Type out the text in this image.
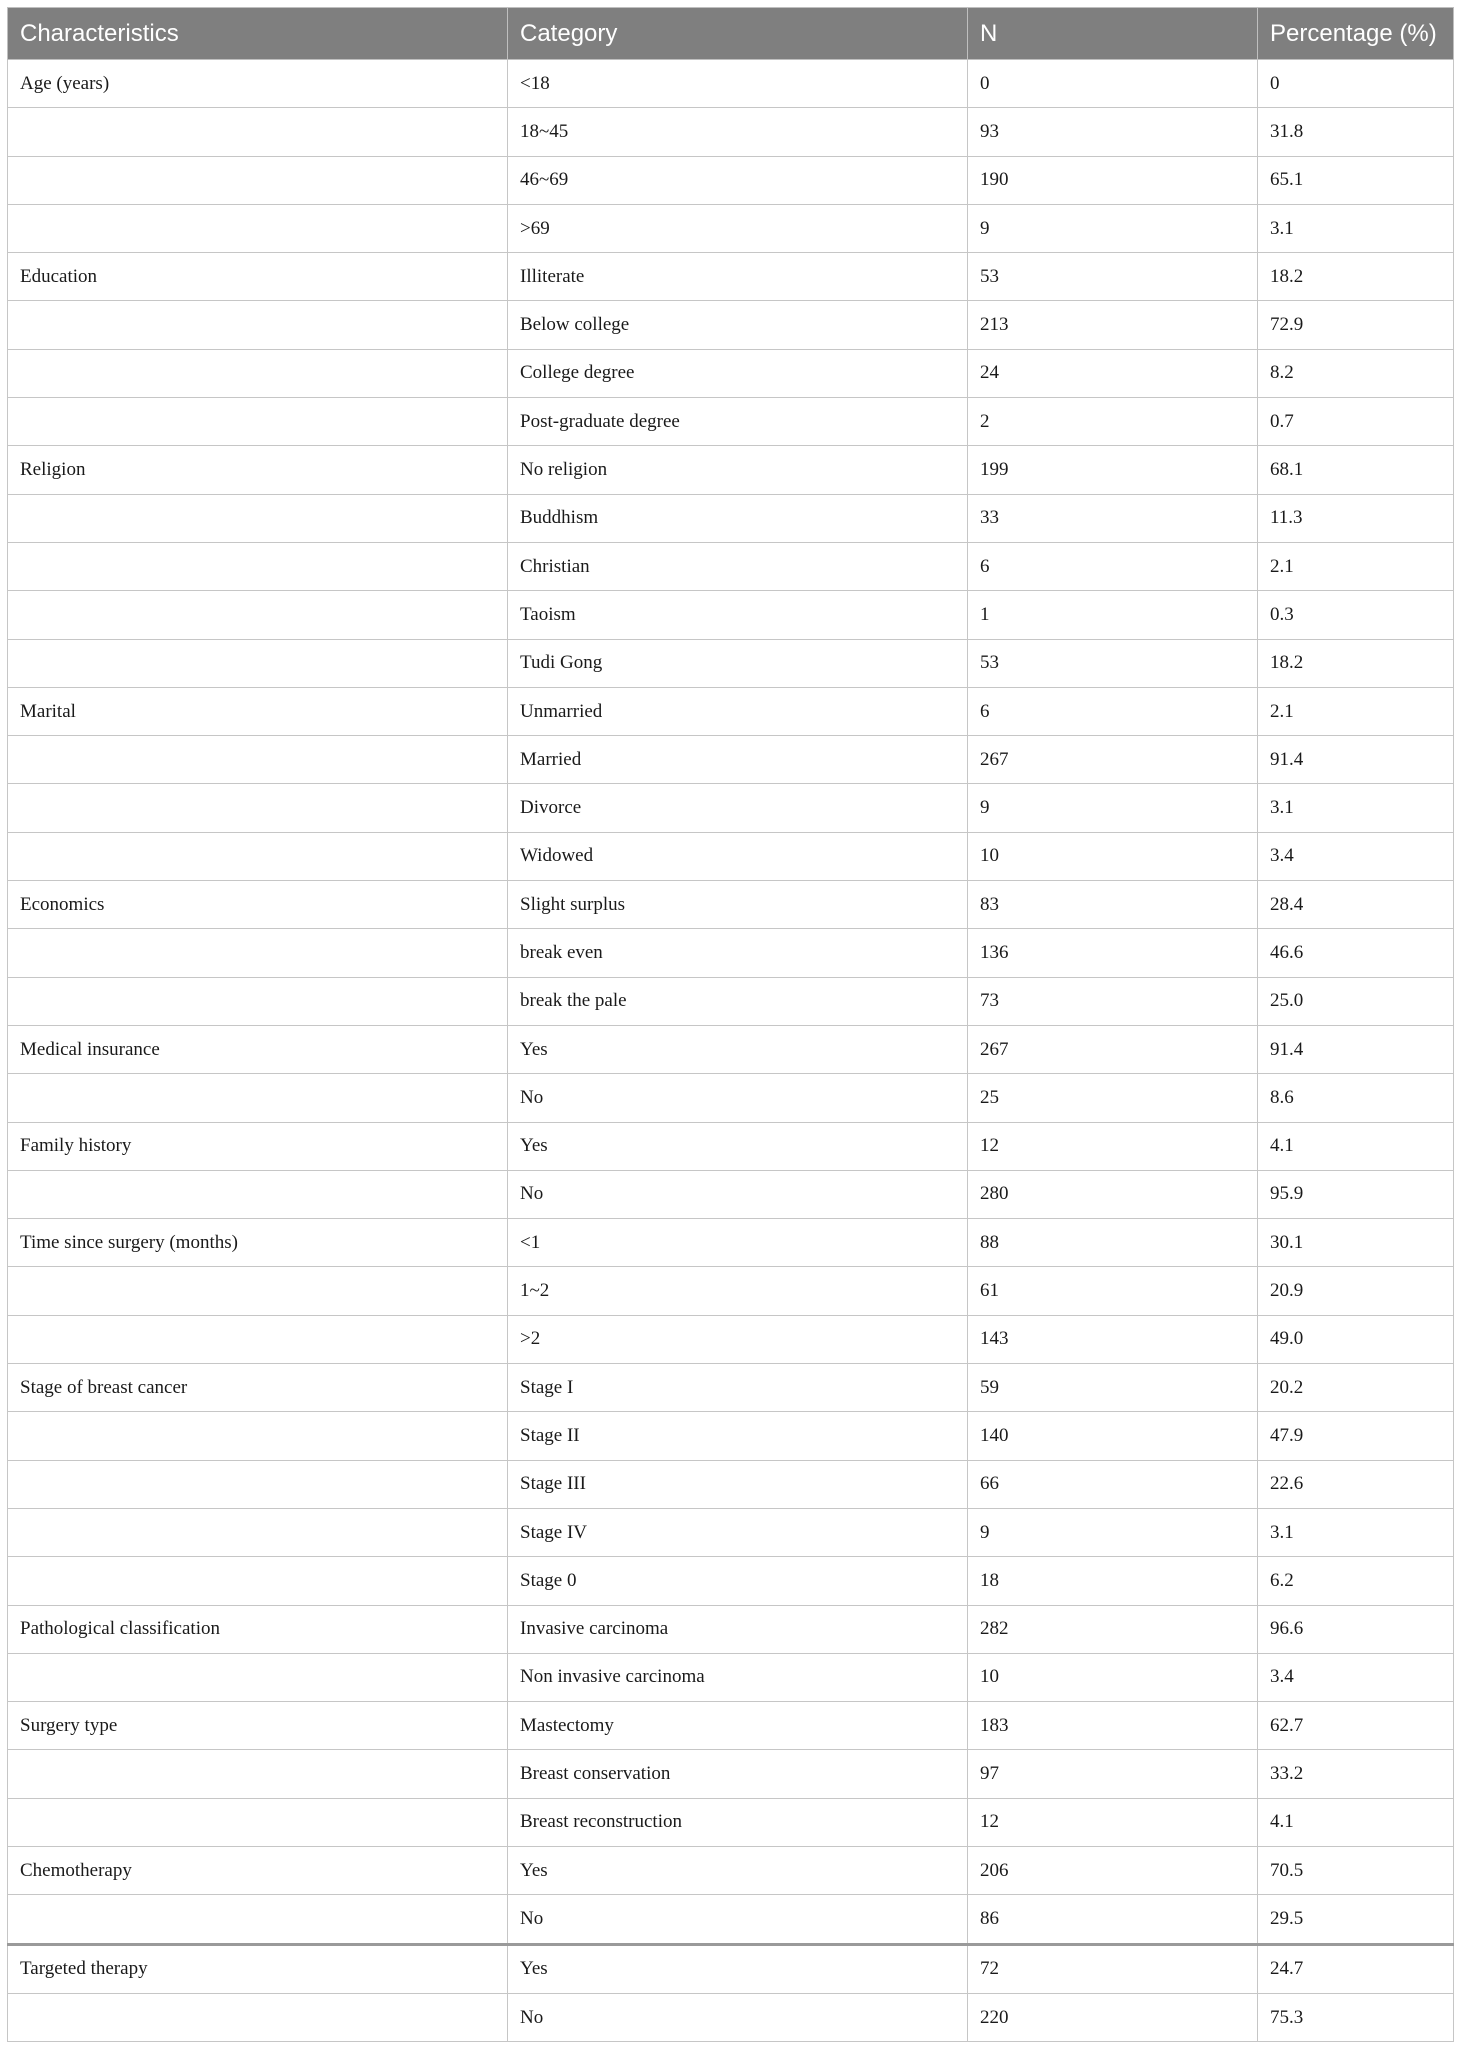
Characteristics	Category	N	Percentage (%)
Age (years)	<18	0	0
	18~45	93	31.8
	46~69	190	65.1
	>69	9	3.1
Education	Illiterate	53	18.2
	Below college	213	72.9
	College degree	24	8.2
	Post-graduate degree	2	0.7
Religion	No religion	199	68.1
	Buddhism	33	11.3
	Christian	6	2.1
	Taoism	1	0.3
	Tudi Gong	53	18.2
Marital	Unmarried	6	2.1
	Married	267	91.4
	Divorce	9	3.1
	Widowed	10	3.4
Economics	Slight surplus	83	28.4
	break even	136	46.6
	break the pale	73	25.0
Medical insurance	Yes	267	91.4
	No	25	8.6
Family history	Yes	12	4.1
	No	280	95.9
Time since surgery (months)	<1	88	30.1
	1~2	61	20.9
	>2	143	49.0
Stage of breast cancer	Stage I	59	20.2
	Stage II	140	47.9
	Stage III	66	22.6
	Stage IV	9	3.1
	Stage 0	18	6.2
Pathological classification	Invasive carcinoma	282	96.6
	Non invasive carcinoma	10	3.4
Surgery type	Mastectomy	183	62.7
	Breast conservation	97	33.2
	Breast reconstruction	12	4.1
Chemotherapy	Yes	206	70.5
	No	86	29.5
Targeted therapy	Yes	72	24.7
	No	220	75.3
